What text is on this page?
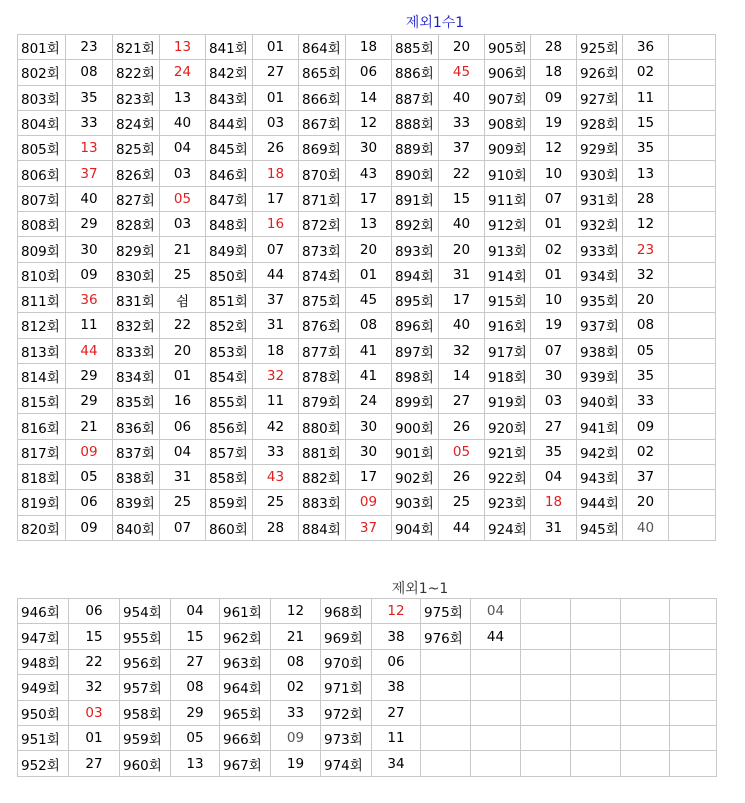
제외1수1
801회	23	821회	13	841회	01	864회	18	885회	20	905회	28	925회	36	
802회	08	822회	24	842회	27	865회	06	886회	45	906회	18	926회	02	
803회	35	823회	13	843회	01	866회	14	887회	40	907회	09	927회	11	
804회	33	824회	40	844회	03	867회	12	888회	33	908회	19	928회	15	
805회	13	825회	04	845회	26	869회	30	889회	37	909회	12	929회	35	
806회	37	826회	03	846회	18	870회	43	890회	22	910회	10	930회	13	
807회	40	827회	05	847회	17	871회	17	891회	15	911회	07	931회	28	
808회	29	828회	03	848회	16	872회	13	892회	40	912회	01	932회	12	
809회	30	829회	21	849회	07	873회	20	893회	20	913회	02	933회	23	
810회	09	830회	25	850회	44	874회	01	894회	31	914회	01	934회	32	
811회	36	831회	쉼	851회	37	875회	45	895회	17	915회	10	935회	20	
812회	11	832회	22	852회	31	876회	08	896회	40	916회	19	937회	08	
813회	44	833회	20	853회	18	877회	41	897회	32	917회	07	938회	05	
814회	29	834회	01	854회	32	878회	41	898회	14	918회	30	939회	35	
815회	29	835회	16	855회	11	879회	24	899회	27	919회	03	940회	33	
816회	21	836회	06	856회	42	880회	30	900회	26	920회	27	941회	09	
817회	09	837회	04	857회	33	881회	30	901회	05	921회	35	942회	02	
818회	05	838회	31	858회	43	882회	17	902회	26	922회	04	943회	37	
819회	06	839회	25	859회	25	883회	09	903회	25	923회	18	944회	20	
820회	09	840회	07	860회	28	884회	37	904회	44	924회	31	945회	40	
제외1~1
946회	06	954회	04	961회	12	968회	12	975회	04				
947회	15	955회	15	962회	21	969회	38	976회	44				
948회	22	956회	27	963회	08	970회	06						
949회	32	957회	08	964회	02	971회	38						
950회	03	958회	29	965회	33	972회	27						
951회	01	959회	05	966회	09	973회	11						
952회	27	960회	13	967회	19	974회	34						
